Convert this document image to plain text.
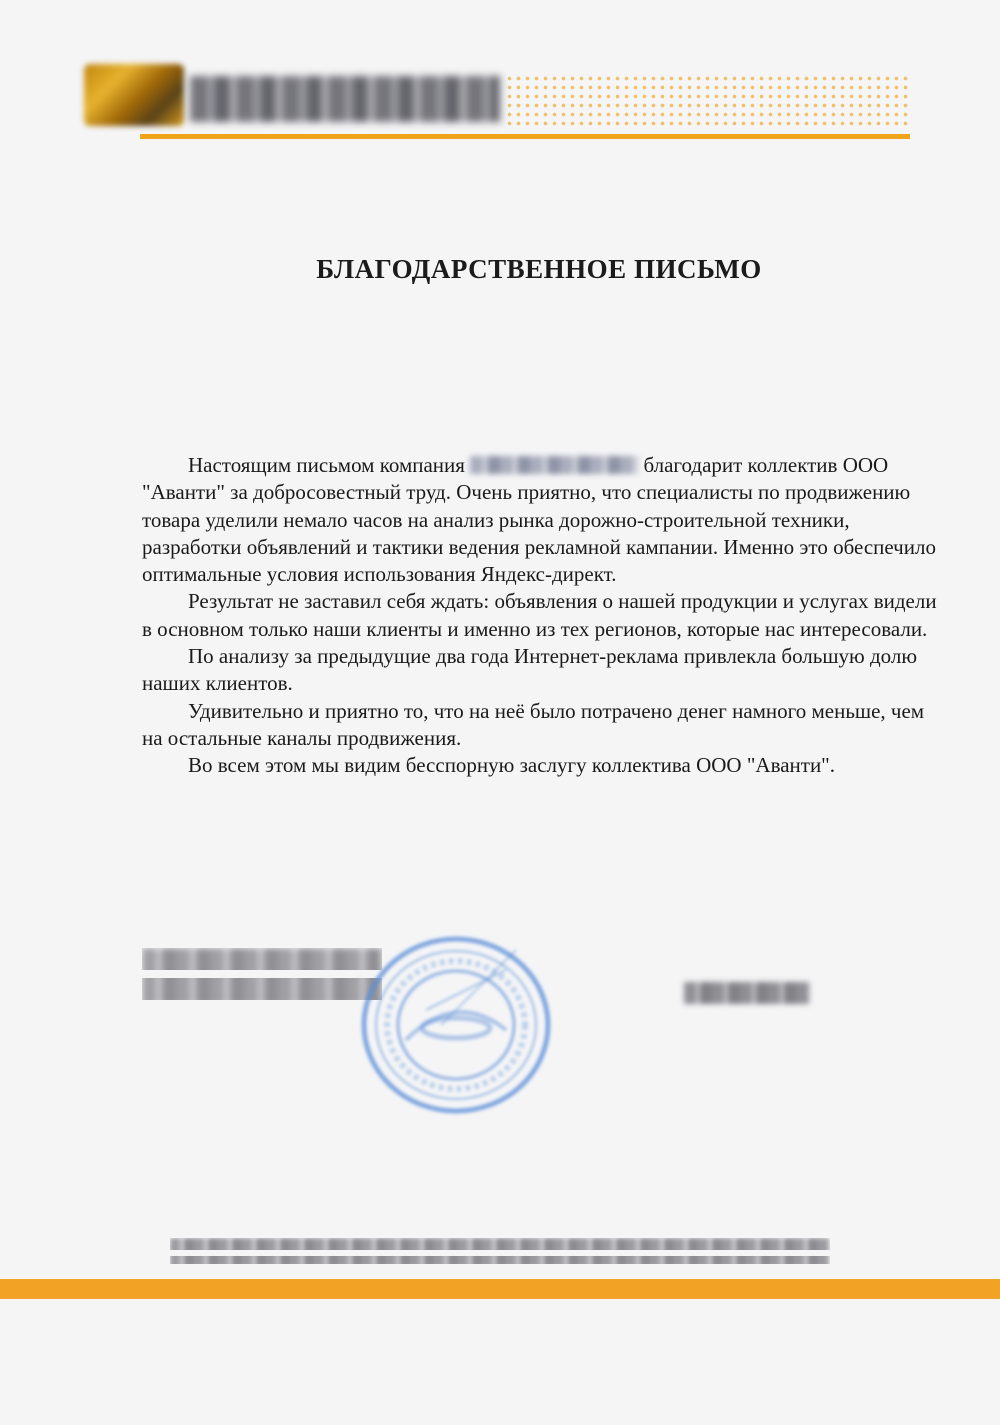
БЛАГОДАРСТВЕННОЕ ПИСЬМО

Настоящим письмом компания	благодарит коллектив ООО "Аванти" за добросовестный труд. Очень приятно, что специалисты по продвижению товара уделили немало часов на анализ рынка дорожно-строительной техники, разработки объявлений и тактики ведения рекламной кампании. Именно это обеспечило оптимальные условия использования Яндекс-директ.

Результат не заставил себя ждать: объявления о нашей продукции и услугах видели в основном только наши клиенты и именно из тех регионов, которые нас интересовали.

По анализу за предыдущие два года Интернет-реклама привлекла большую долю наших клиентов.

Удивительно и приятно то, что на неё было потрачено денег намного меньше, чем на остальные каналы продвижения.

Во всем этом мы видим бесспорную заслугу коллектива ООО "Аванти".
